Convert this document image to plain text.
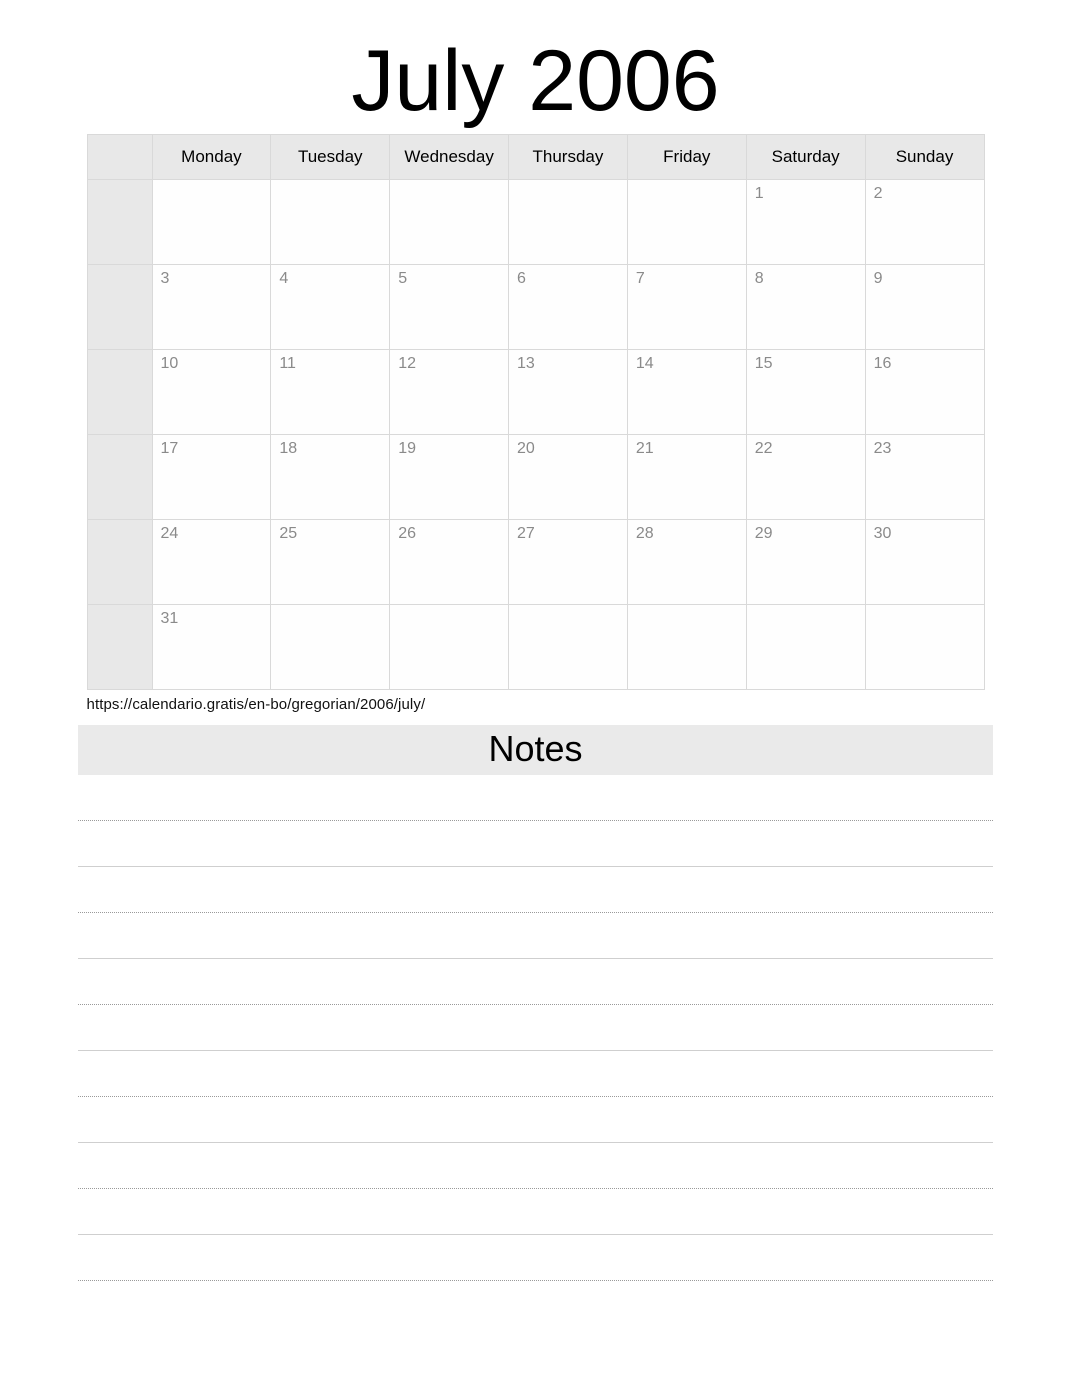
July 2006
	Monday	Tuesday	Wednesday	Thursday	Friday	Saturday	Sunday

						1	2

	3	4	5	6	7	8	9

	10	11	12	13	14	15	16

	17	18	19	20	21	22	23

	24	25	26	27	28	29	30

	31						

https://calendario.gratis/en-bo/gregorian/2006/july/
Notes
